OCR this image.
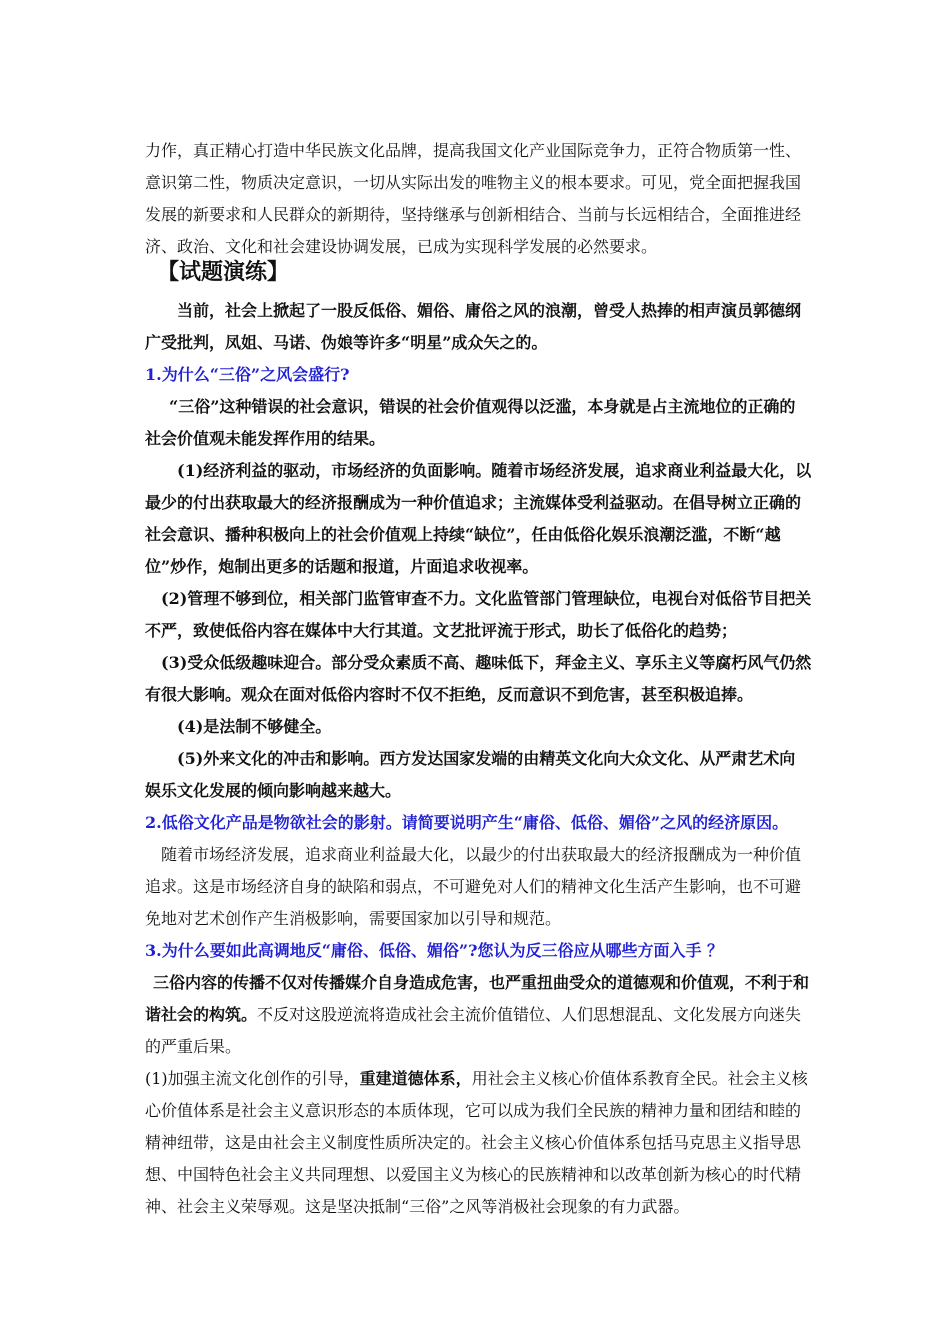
力作，真正精心打造中华民族文化品牌，提高我国文化产业国际竞争力，正符合物质第一性、
意识第二性，物质决定意识，一切从实际出发的唯物主义的根本要求。可见，党全面把握我国
发展的新要求和人民群众的新期待，坚持继承与创新相结合、当前与长远相结合，全面推进经
济、政治、文化和社会建设协调发展，已成为实现科学发展的必然要求。
【试题演练】
当前，社会上掀起了一股反低俗、媚俗、庸俗之风的浪潮，曾受人热捧的相声演员郭德纲
广受批判，凤姐、马诺、伪娘等许多“明星”成众矢之的。
1.为什么“三俗”之风会盛行?
“三俗”这种错误的社会意识，错误的社会价值观得以泛滥，本身就是占主流地位的正确的
社会价值观未能发挥作用的结果。
(1)经济利益的驱动，市场经济的负面影响。随着市场经济发展，追求商业利益最大化，以
最少的付出获取最大的经济报酬成为一种价值追求；主流媒体受利益驱动。在倡导树立正确的
社会意识、播种积极向上的社会价值观上持续“缺位”，任由低俗化娱乐浪潮泛滥，不断“越
位”炒作，炮制出更多的话题和报道，片面追求收视率。
(2)管理不够到位，相关部门监管审查不力。文化监管部门管理缺位，电视台对低俗节目把关
不严，致使低俗内容在媒体中大行其道。文艺批评流于形式，助长了低俗化的趋势；
(3)受众低级趣味迎合。部分受众素质不高、趣味低下，拜金主义、享乐主义等腐朽风气仍然
有很大影响。观众在面对低俗内容时不仅不拒绝，反而意识不到危害，甚至积极追捧。
(4)是法制不够健全。
(5)外来文化的冲击和影响。西方发达国家发端的由精英文化向大众文化、从严肃艺术向
娱乐文化发展的倾向影响越来越大。
2.低俗文化产品是物欲社会的影射。请简要说明产生“庸俗、低俗、媚俗”之风的经济原因。
随着市场经济发展，追求商业利益最大化，以最少的付出获取最大的经济报酬成为一种价值
追求。这是市场经济自身的缺陷和弱点，不可避免对人们的精神文化生活产生影响，也不可避
免地对艺术创作产生消极影响，需要国家加以引导和规范。
3.为什么要如此高调地反“庸俗、低俗、媚俗”?您认为反三俗应从哪些方面入手 ？
三俗内容的传播不仅对传播媒介自身造成危害，也严重扭曲受众的道德观和价值观，不利于和
谐社会的构筑。不反对这股逆流将造成社会主流价值错位、人们思想混乱、文化发展方向迷失
的严重后果。
(1)加强主流文化创作的引导，重建道德体系，用社会主义核心价值体系教育全民。社会主义核
心价值体系是社会主义意识形态的本质体现，它可以成为我们全民族的精神力量和团结和睦的
精神纽带，这是由社会主义制度性质所决定的。社会主义核心价值体系包括马克思主义指导思
想、中国特色社会主义共同理想、以爱国主义为核心的民族精神和以改革创新为核心的时代精
神、社会主义荣辱观。这是坚决抵制“三俗”之风等消极社会现象的有力武器。
